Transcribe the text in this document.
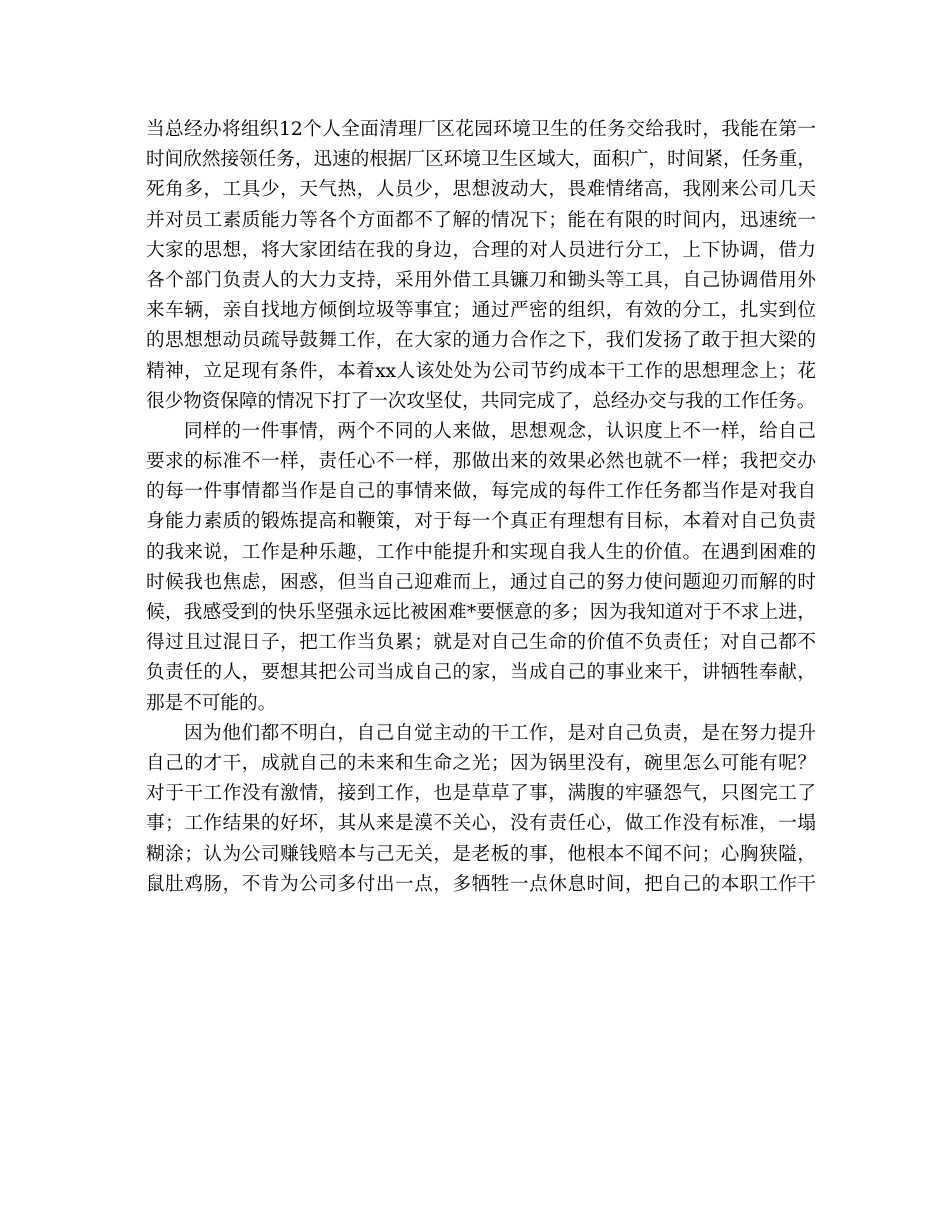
当总经办将组织12个人全面清理厂区花园环境卫生的任务交给我时，我能在第一
时间欣然接领任务，迅速的根据厂区环境卫生区域大，面积广，时间紧，任务重，
死角多，工具少，天气热，人员少，思想波动大，畏难情绪高，我刚来公司几天
并对员工素质能力等各个方面都不了解的情况下；能在有限的时间内，迅速统一
大家的思想，将大家团结在我的身边，合理的对人员进行分工，上下协调，借力
各个部门负责人的大力支持，采用外借工具镰刀和锄头等工具，自己协调借用外
来车辆，亲自找地方倾倒垃圾等事宜；通过严密的组织，有效的分工，扎实到位
的思想想动员疏导鼓舞工作，在大家的通力合作之下，我们发扬了敢于担大梁的
精神，立足现有条件，本着xx人该处处为公司节约成本干工作的思想理念上；花
很少物资保障的情况下打了一次攻坚仗，共同完成了，总经办交与我的工作任务。
同样的一件事情，两个不同的人来做，思想观念，认识度上不一样，给自己
要求的标准不一样，责任心不一样，那做出来的效果必然也就不一样；我把交办
的每一件事情都当作是自己的事情来做，每完成的每件工作任务都当作是对我自
身能力素质的锻炼提高和鞭策，对于每一个真正有理想有目标，本着对自己负责
的我来说，工作是种乐趣，工作中能提升和实现自我人生的价值。在遇到困难的
时候我也焦虑，困惑，但当自己迎难而上，通过自己的努力使问题迎刃而解的时
候，我感受到的快乐坚强永远比被困难*要惬意的多；因为我知道对于不求上进，
得过且过混日子，把工作当负累；就是对自己生命的价值不负责任；对自己都不
负责任的人，要想其把公司当成自己的家，当成自己的事业来干，讲牺牲奉献，
那是不可能的。
因为他们都不明白，自己自觉主动的干工作，是对自己负责，是在努力提升
自己的才干，成就自己的未来和生命之光；因为锅里没有，碗里怎么可能有呢？
对于干工作没有激情，接到工作，也是草草了事，满腹的牢骚怨气，只图完工了
事；工作结果的好坏，其从来是漠不关心，没有责任心，做工作没有标准，一塌
糊涂；认为公司赚钱赔本与己无关，是老板的事，他根本不闻不问；心胸狭隘，
鼠肚鸡肠，不肯为公司多付出一点，多牺牲一点休息时间，把自己的本职工作干
